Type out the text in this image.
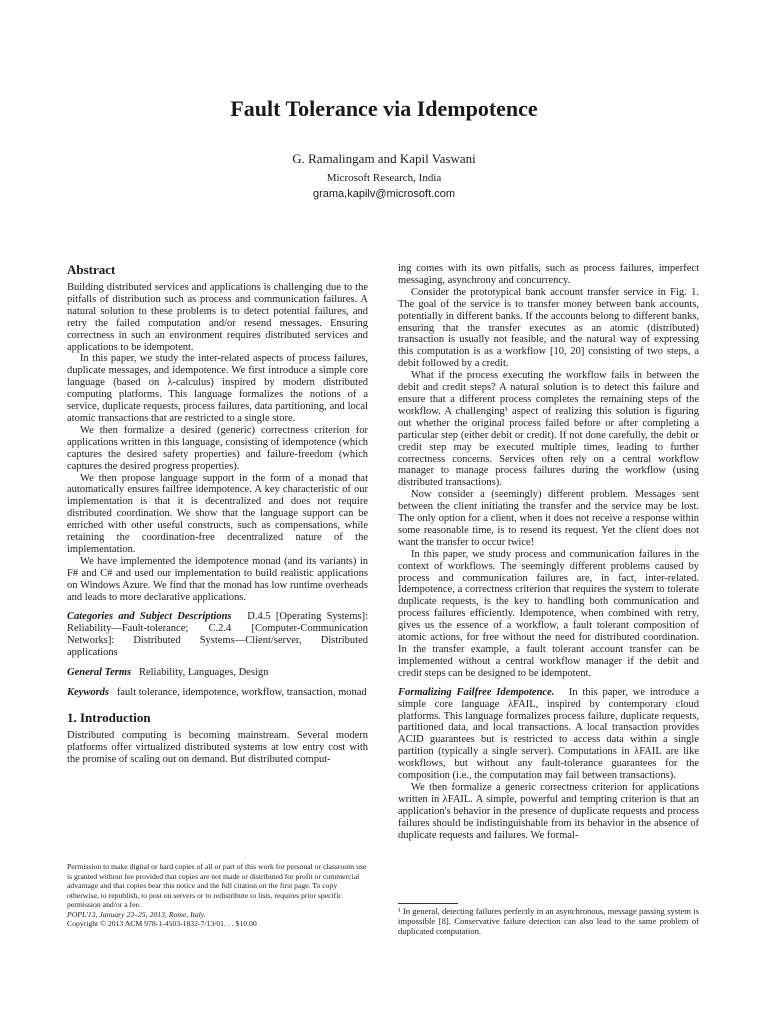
Fault Tolerance via Idempotence
G. Ramalingam and Kapil Vaswani
Microsoft Research, India
grama,kapilv@microsoft.com
Abstract

Building distributed services and applications is challenging due to the pitfalls of distribution such as process and communication failures. A natural solution to these problems is to detect potential failures, and retry the failed computation and/or resend messages. Ensuring correctness in such an environment requires distributed services and applications to be idempotent.

In this paper, we study the inter-related aspects of process failures, duplicate messages, and idempotence. We first introduce a simple core language (based on λ-calculus) inspired by modern distributed computing platforms. This language formalizes the notions of a service, duplicate requests, process failures, data partitioning, and local atomic transactions that are restricted to a single store.

We then formalize a desired (generic) correctness criterion for applications written in this language, consisting of idempotence (which captures the desired safety properties) and failure-freedom (which captures the desired progress properties).

We then propose language support in the form of a monad that automatically ensures failfree idempotence. A key characteristic of our implementation is that it is decentralized and does not require distributed coordination. We show that the language support can be enriched with other useful constructs, such as compensations, while retaining the coordination-free decentralized nature of the implementation.

We have implemented the idempotence monad (and its variants) in F# and C# and used our implementation to build realistic applications on Windows Azure. We find that the monad has low runtime overheads and leads to more declarative applications.

Categories and Subject Descriptions D.4.5 [Operating Systems]: Reliability—Fault-tolerance; C.2.4 [Computer-Communication Networks]: Distributed Systems—Client/server, Distributed applications

General Terms Reliability, Languages, Design

Keywords fault tolerance, idempotence, workflow, transaction, monad

1. Introduction

Distributed computing is becoming mainstream. Several modern platforms offer virtualized distributed systems at low entry cost with the promise of scaling out on demand. But distributed comput-

Permission to make digital or hard copies of all or part of this work for personal or classroom use is granted without fee provided that copies are not made or distributed for profit or commercial advantage and that copies bear this notice and the full citation on the first page. To copy otherwise, to republish, to post on servers or to redistribute to lists, requires prior specific permission and/or a fee.

POPL'13, January 23–25, 2013, Rome, Italy.

Copyright © 2013 ACM 978-1-4503-1832-7/13/01. . . $10.00

ing comes with its own pitfalls, such as process failures, imperfect messaging, asynchrony and concurrency.

Consider the prototypical bank account transfer service in Fig. 1. The goal of the service is to transfer money between bank accounts, potentially in different banks. If the accounts belong to different banks, ensuring that the transfer executes as an atomic (distributed) transaction is usually not feasible, and the natural way of expressing this computation is as a workflow [10, 20] consisting of two steps, a debit followed by a credit.

What if the process executing the workflow fails in between the debit and credit steps? A natural solution is to detect this failure and ensure that a different process completes the remaining steps of the workflow. A challenging¹ aspect of realizing this solution is figuring out whether the original process failed before or after completing a particular step (either debit or credit). If not done carefully, the debit or credit step may be executed multiple times, leading to further correctness concerns. Services often rely on a central workflow manager to manage process failures during the workflow (using distributed transactions).

Now consider a (seemingly) different problem. Messages sent between the client initiating the transfer and the service may be lost. The only option for a client, when it does not receive a response within some reasonable time, is to resend its request. Yet the client does not want the transfer to occur twice!

In this paper, we study process and communication failures in the context of workflows. The seemingly different problems caused by process and communication failures are, in fact, inter-related. Idempotence, a correctness criterion that requires the system to tolerate duplicate requests, is the key to handling both communication and process failures efficiently. Idempotence, when combined with retry, gives us the essence of a workflow, a fault tolerant composition of atomic actions, for free without the need for distributed coordination. In the transfer example, a fault tolerant account transfer can be implemented without a central workflow manager if the debit and credit steps can be designed to be idempotent.

Formalizing Failfree Idempotence. In this paper, we introduce a simple core language λFAIL, inspired by contemporary cloud platforms. This language formalizes process failure, duplicate requests, partitioned data, and local transactions. A local transaction provides ACID guarantees but is restricted to access data within a single partition (typically a single server). Computations in λFAIL are like workflows, but without any fault-tolerance guarantees for the composition (i.e., the computation may fail between transactions).

We then formalize a generic correctness criterion for applications written in λFAIL. A simple, powerful and tempting criterion is that an application's behavior in the presence of duplicate requests and process failures should be indistinguishable from its behavior in the absence of duplicate requests and failures. We formal-

¹ In general, detecting failures perfectly in an asynchronous, message passing system is impossible [8]. Conservative failure detection can also lead to the same problem of duplicated computation.
